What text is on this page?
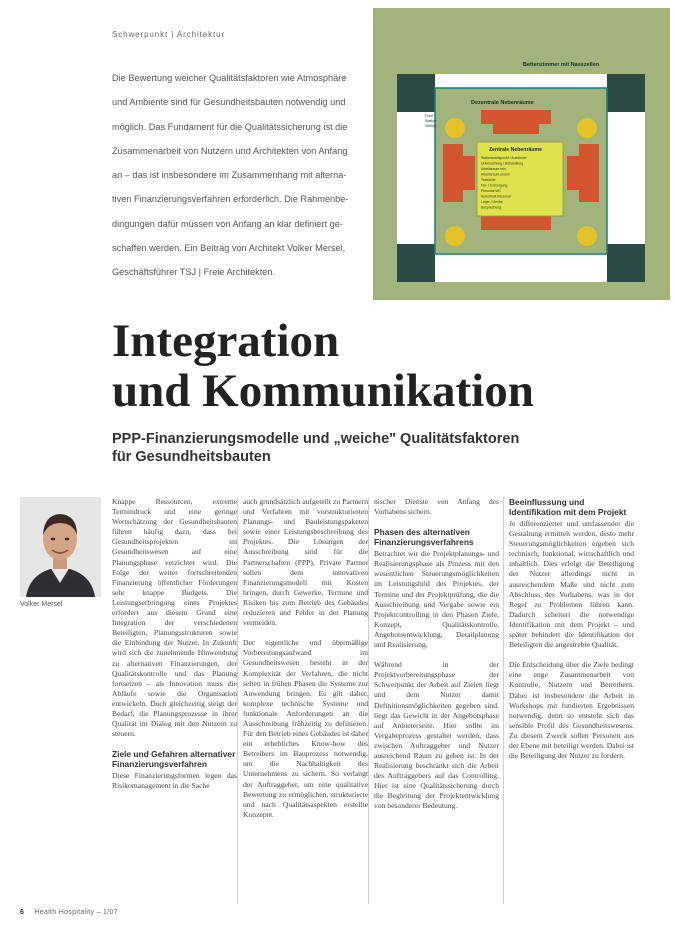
Schwerpunkt | Architektur
Die Bewertung weicher Qualitätsfaktoren wie Atmosphäre
und Ambiente sind für Gesundheitsbauten notwendig und
möglich. Das Fundament für die Qualitätssicherung ist die
Zusammenarbeit von Nutzern und Architekten von Anfang
an – das ist insbesondere im Zusammenhang mit alterna-
tiven Finanzierungsverfahren erforderlich. Die Rahmenbe-
dingungen dafür müssen von Anfang an klar definiert ge-
schaffen werden. Ein Beitrag von Architekt Volker Mersel,
Geschäftsführer TSJ | Freie Architekten.
Bettenzimmer mit Nasszellen
Dezentrale Nebenräume
Flure
Station
Zentral
Zentrale Nebenräume
Stationsstützpunkt / Arztdienst
Untersuchung / Behandlung
Arbeitsraum rein
Arbeitsraum unrein
Teeküche
Ver- / Entsorgung
Personal WC
Aufenthalt Personal
Lager / Geräte
Besprechung
Integration
und Kommunikation
PPP-Finanzierungsmodelle und „weiche" Qualitätsfaktoren
für Gesundheitsbauten
Volker Mersel

Knappe Ressourcen, extreme Termindruck und eine geringe Wertschätzung der Gesundheitsbauten führen häufig dazu, dass bei Gesundheitsprojekten im Gesundheitswesen auf eine Planungsphase verzichtet wird. Die Folge der weiter fortschreitenden Finanzierung öffentlicher Förderungen sehr knappe Budgets. Die Leistungserbringung eines Projektes erfordert aus diesem Grund eine Integration der verschiedenen Beteiligten, Planungsstrukturen sowie die Einbindung der Nutzer. In Zukunft wird sich die zunehmende Hinwendung zu alternativen Finanzierungen, der Qualitätskontrolle und das Planung fortsetzen – als Innovation muss die Abläufe sowie die Organisation entwickeln. Doch gleichzeitig steigt der Bedarf, die Planungsprozesse in ihrer Qualität im Dialog mit den Nutzern zu steuern.

Ziele und Gefahren alternativer Finanzierungsverfahren

Diese Finanzierungsformen legen das Risikomanagement in die Sache

auch grundsätzlich aufgeteilt zu Partnern und Verfahren mit vorstrukturierten Planungs- und Bauleistungspaketen sowie einer Leistungsbeschreibung des Projektes. Die Lösungen der Ausschreibung sind für die Partnerschaften (PPP), Private Partner sollen dem innovativen Finanzierungsmodell mit Kosten bringen, durch Gewerke, Termine und Risiken bis zum Betrieb des Gebäudes reduzieren und Fehler in der Planung vermeiden.

Der eigentliche und übermäßige Vorbereitungsaufwand im Gesundheitswesen besteht in der Komplexität der Verfahren, die nicht selten in frühen Phasen die Systeme zur Anwendung bringen. Es gilt daher, komplexe technische Systeme und funktionale Anforderungen an die Ausschreibung frühzeitig zu definieren. Für den Betrieb eines Gebäudes ist daher ein erhebliches Know-how des Betreibers im Bauprozess notwendig, um die Nachhaltigkeit des Unternehmens zu sichern. So verlangt der Auftraggeber, um eine qualitative Bewertung zu ermöglichen, strukturierte und nach Qualitätsaspekten erstellte Konzepte.

nischer Dienste von Anfang des Vorhabens sichern.

Phasen des alternativen Finanzierungsverfahrens

Betrachtet wir die Projektplanungs- und Realisierungsphase als Prozess mit den wesentlichen Steuerungsmöglichkeiten im Leistungsbild des Projektes, der Termine und der Projektprüfung, die die Ausschreibung und Vergabe sowie ein Projektcontrolling in den Phasen Ziele, Konzept, Qualitätskontrolle, Angebotsentwicklung, Detailplanung und Realisierung.

Während in der Projektvorbereitungsphase der Schwerpunkt der Arbeit auf Zielen liegt und dem Nutzer damit Definitionsmöglichkeiten gegeben sind, liegt das Gewicht in der Angebotsphase auf Anbieterseite. Hier sollte im Vergabeprozess gestaltet werden, dass zwischen Auftraggeber und Nutzer ausreichend Raum zu geben ist. In der Realisierung beschränkt sich die Arbeit des Auftraggebers auf das Controlling. Hier ist eine Qualitätssicherung durch die Begleitung der Projektentwicklung von besonderer Bedeutung.

Beeinflussung und Identifikation mit dem Projekt

Je differenzierter und umfassender die Gestaltung ermittelt werden, desto mehr Steuerungsmöglichkeiten ergeben sich technisch, funktional, wirtschaftlich und inhaltlich. Dies erfolgt die Beteiligung der Nutzer allerdings nicht in ausreichendem Maße und nicht zum Abschluss des Vorhabens, was in der Regel zu Problemen führen kann. Dadurch scheitert die notwendige Identifikation mit dem Projekt – und später behindert die Identifikation der Beteiligten die angestrebte Qualität.

Die Entscheidung über die Ziele bedingt eine enge Zusammenarbeit von Kontrolle, Nutzern und Betreibern. Dabei ist insbesondere die Arbeit in Workshops mit fundierten Ergebnissen notwendig, denn so entsteht sich das sensible Profil des Gesundheitswesens. Zu diesem Zweck sollen Personen aus der Ebene mit beteiligt werden. Dabei ist die Beteiligung der Nutzer zu fordern.

6 Health Hospitality – 1/07
